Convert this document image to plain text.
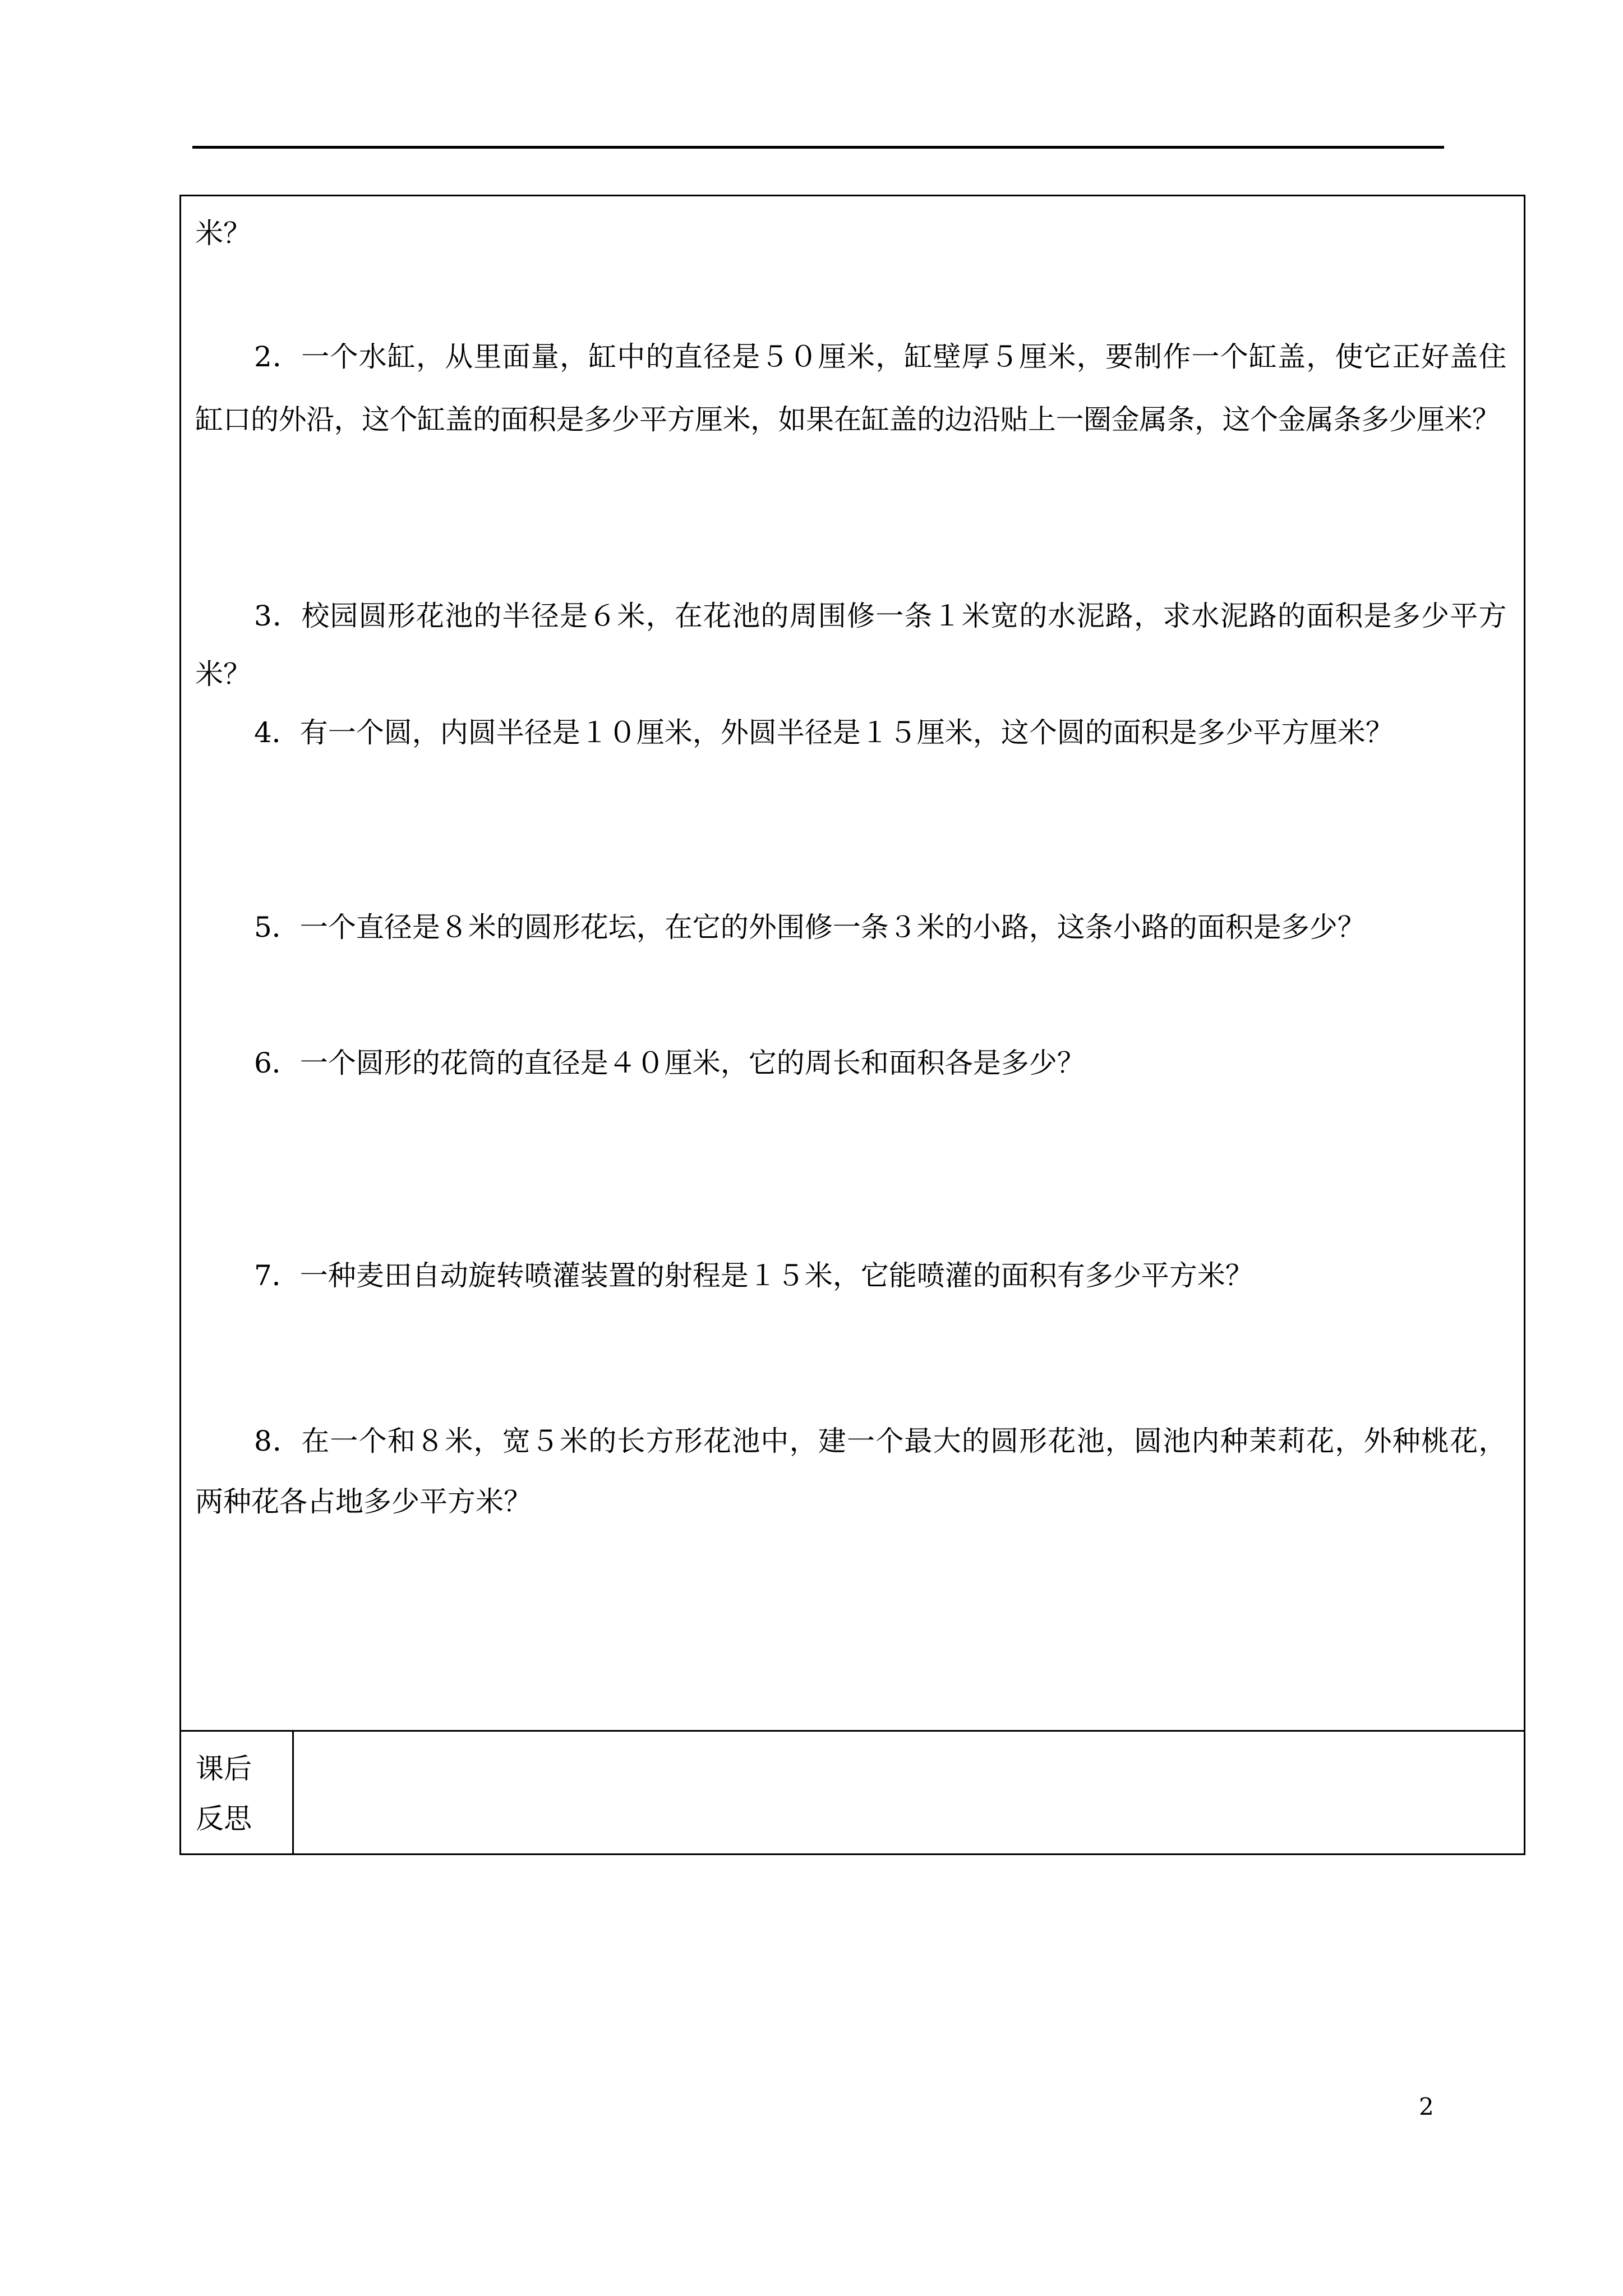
米？
2．一个水缸，从里面量，缸中的直径是５０厘米，缸壁厚５厘米，要制作一个缸盖，使它正好盖住
缸口的外沿，这个缸盖的面积是多少平方厘米，如果在缸盖的边沿贴上一圈金属条，这个金属条多少厘米？
3．校园圆形花池的半径是６米，在花池的周围修一条１米宽的水泥路，求水泥路的面积是多少平方
米？
4．有一个圆，内圆半径是１０厘米，外圆半径是１５厘米，这个圆的面积是多少平方厘米？
5．一个直径是８米的圆形花坛，在它的外围修一条３米的小路，这条小路的面积是多少？
6．一个圆形的花筒的直径是４０厘米，它的周长和面积各是多少？
7．一种麦田自动旋转喷灌装置的射程是１５米，它能喷灌的面积有多少平方米？
8．在一个和８米，宽５米的长方形花池中，建一个最大的圆形花池，圆池内种茉莉花，外种桃花，
两种花各占地多少平方米？
课后
反思
2
